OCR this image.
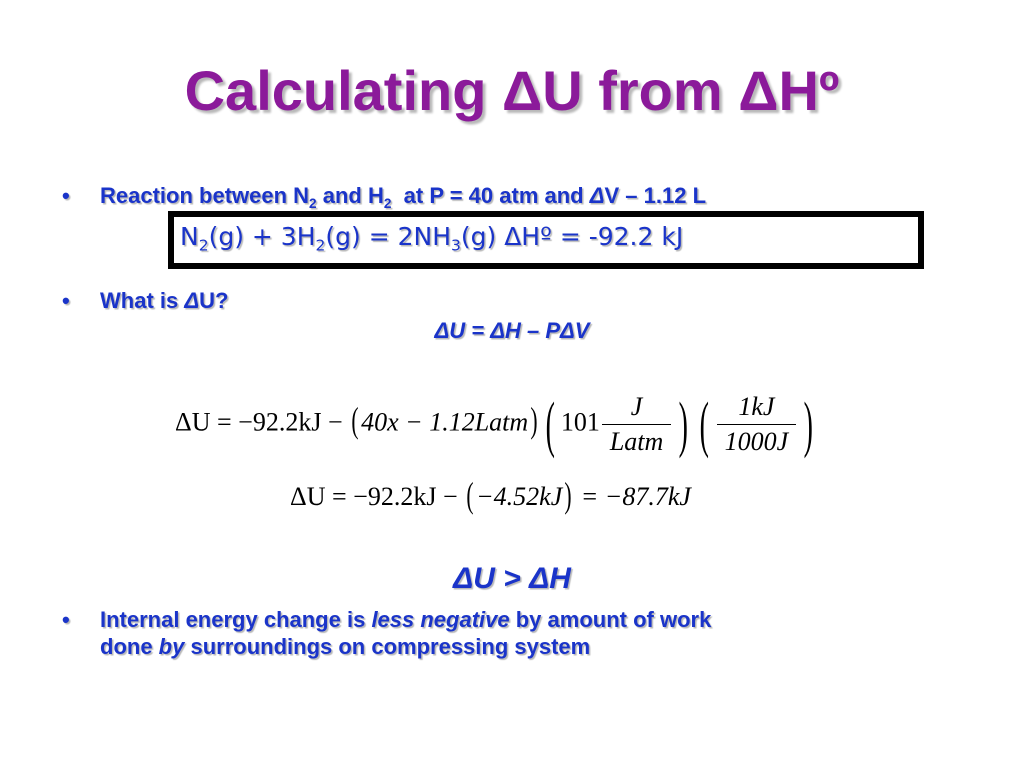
Calculating ΔU from ΔHº
• Reaction between $N_2$ and $H_2$  at P = 40 atm and ΔV – 1.12 L
$N_2(g) + 3H_2(g) = 2NH_3(g)$ ΔHº = -92.2 kJ
• What is ΔU?
ΔU = ΔH – PΔV
ΔU = −92.2kJ − (40x − 1.12Latm) ( $101 \frac{J}{\text{Latm}}$ ) ( $\frac{1kJ}{1000J}$ )
ΔU = −92.2kJ − (−4.52kJ) = −87.7kJ
ΔU > ΔH
• Internal energy change is less negative by amount of work
done by surroundings on compressing system
